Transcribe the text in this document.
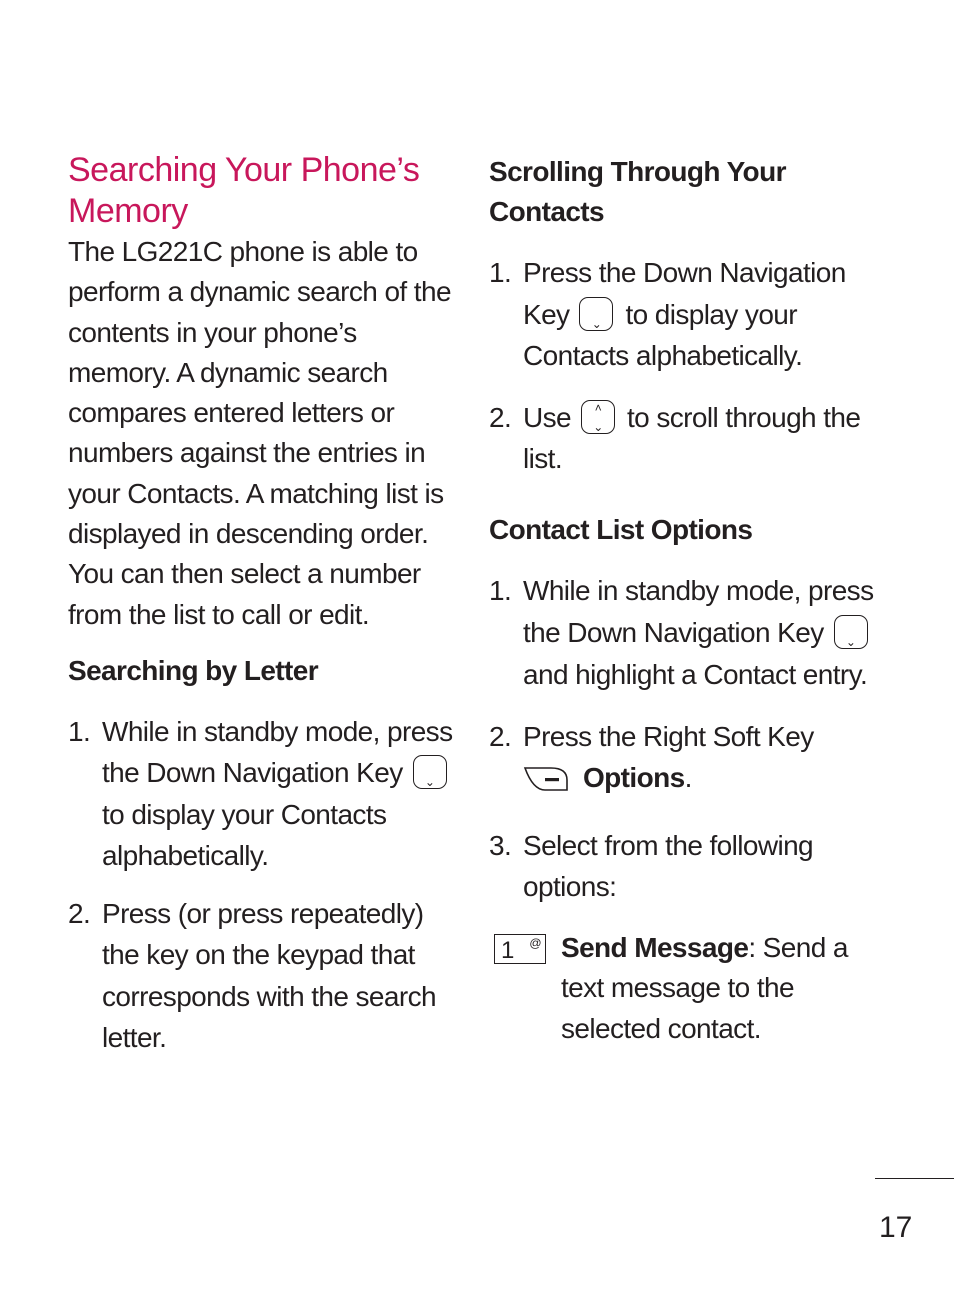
Searching Your Phone’s
Memory

The LG221C phone is able to perform a dynamic search of the contents in your phone’s memory. A dynamic search compares entered letters or numbers against the entries in your Contacts. A matching list is displayed in descending order. You can then select a number from the list to call or edit.

Searching by Letter
1. While in standby mode, press the Down Navigation Key	⌄
to display your Contacts alphabetically.
2. Press (or press repeatedly) the key on the keypad that corresponds with the search letter.
Scrolling Through Your Contacts
1. Press the Down Navigation Key	⌄ to display your Contacts alphabetically.
2. Use	˄
⌄ to scroll through the list.
Contact List Options
1. While in standby mode, press the Down Navigation Key	⌄
and highlight a Contact entry.
2. Press the Right Soft Key
Options.
3. Select from the following options:
1 @ Send Message: Send a text message to the selected contact.
17
